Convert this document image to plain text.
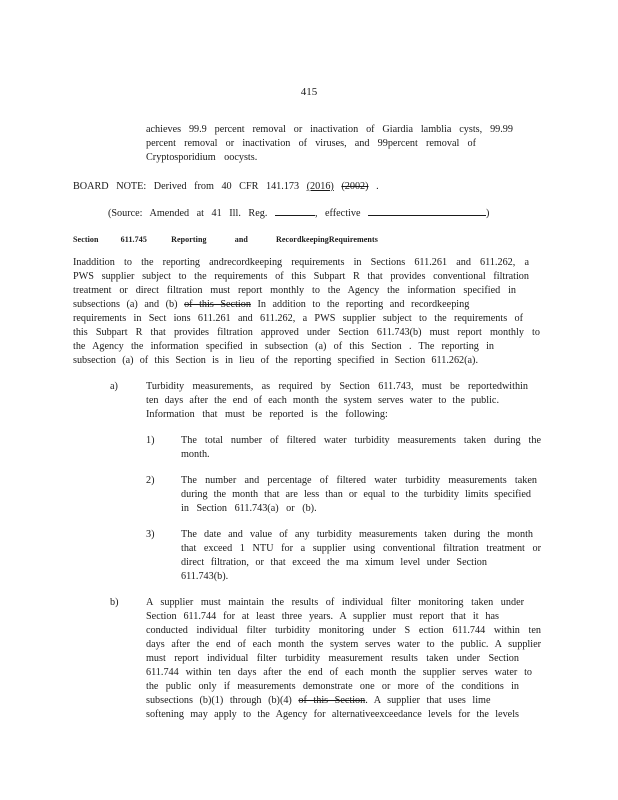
415
achieves 99.9 percent removal or inactivation of Giardia lamblia cysts, 99.99
percent removal or inactivation of viruses, and 99percent removal of
Cryptosporidium oocysts.
BOARD NOTE: Derived from 40 CFR 141.173 (2016) (2002) .
(Source: Amended at 41 Ill. Reg.	, effective	)
Section 611.745	Reporting and RecordkeepingRequirements
Inaddition to the reporting andrecordkeeping requirements in Sections 611.261 and 611.262, a
PWS supplier subject to the requirements of this Subpart R that provides conventional filtration
treatment or direct filtration must report monthly to the Agency the information specified in
subsections (a) and (b) of this Section In addition to the reporting and recordkeeping
requirements in Sect ions 611.261 and 611.262, a PWS supplier subject to the requirements of
this Subpart R that provides filtration approved under Section 611.743(b) must report monthly to
the Agency the information specified in subsection (a) of this Section . The reporting in
subsection (a) of this Section is in lieu of the reporting specified in Section 611.262(a).
a)	Turbidity measurements, as required by Section 611.743, must be reportedwithin
ten days after the end of each month the system serves water to the public.
Information that must be reported is the following:
1)	The total number of filtered water turbidity measurements taken during the
month.
2)	The number and percentage of filtered water turbidity measurements taken
during the month that are less than or equal to the turbidity limits specified
in Section 611.743(a) or (b).
3)	The date and value of any turbidity measurements taken during the month
that exceed 1 NTU for a supplier using conventional filtration treatment or
direct filtration, or that exceed the ma ximum level under Section
611.743(b).
b)	A supplier must maintain the results of individual filter monitoring taken under
Section 611.744 for at least three years. A supplier must report that it has
conducted individual filter turbidity monitoring under S ection 611.744 within ten
days after the end of each month the system serves water to the public. A supplier
must report individual filter turbidity measurement results taken under Section
611.744 within ten days after the end of each month the supplier serves water to
the public only if measurements demonstrate one or more of the conditions in
subsections (b)(1) through (b)(4) of this Section. A supplier that uses lime
softening may apply to the Agency for alternativeexceedance levels for the levels
